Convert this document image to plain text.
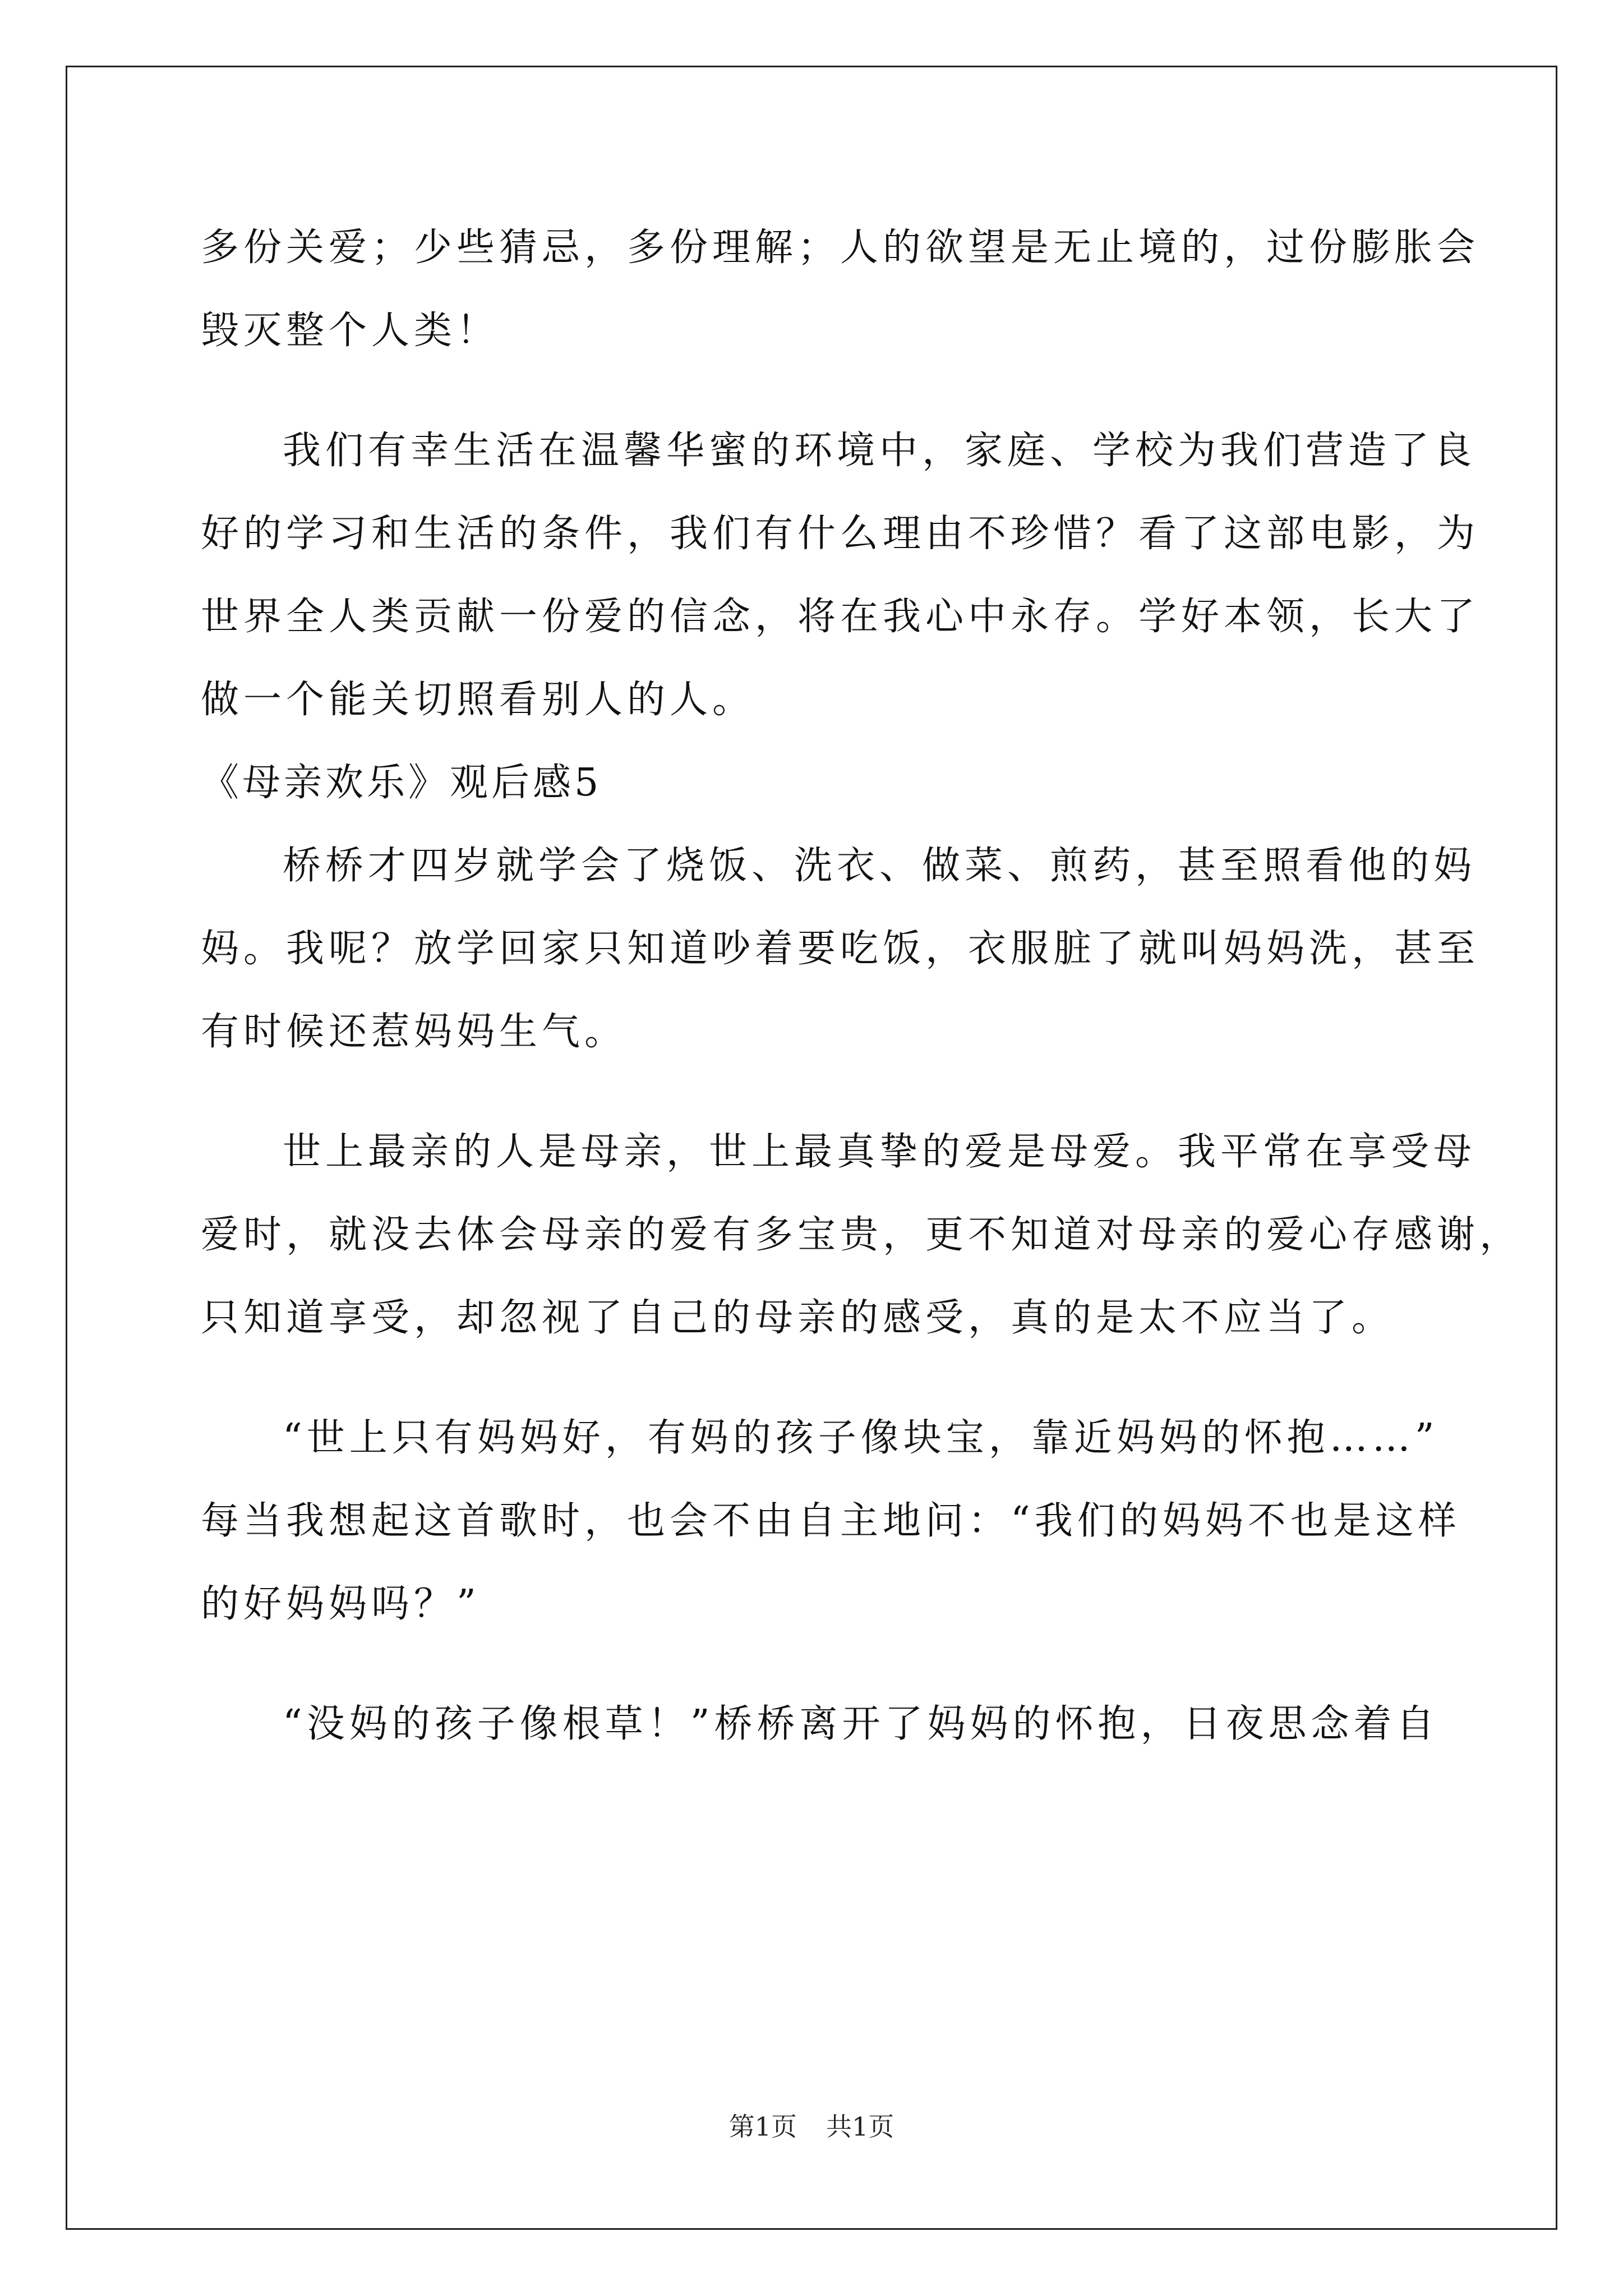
多份关爱；少些猜忌，多份理解；人的欲望是无止境的，过份膨胀会
毁灭整个人类！
我们有幸生活在温馨华蜜的环境中，家庭、学校为我们营造了良
好的学习和生活的条件，我们有什么理由不珍惜？看了这部电影，为
世界全人类贡献一份爱的信念，将在我心中永存。学好本领，长大了
做一个能关切照看别人的人。
《母亲欢乐》观后感5
桥桥才四岁就学会了烧饭、洗衣、做菜、煎药，甚至照看他的妈
妈。我呢？放学回家只知道吵着要吃饭，衣服脏了就叫妈妈洗，甚至
有时候还惹妈妈生气。
世上最亲的人是母亲，世上最真挚的爱是母爱。我平常在享受母
爱时，就没去体会母亲的爱有多宝贵，更不知道对母亲的爱心存感谢，
只知道享受，却忽视了自己的母亲的感受，真的是太不应当了。
“世上只有妈妈好，有妈的孩子像块宝，靠近妈妈的怀抱……”
每当我想起这首歌时，也会不由自主地问：“我们的妈妈不也是这样
的好妈妈吗？”
“没妈的孩子像根草！”桥桥离开了妈妈的怀抱，日夜思念着自
第1页 共1页
